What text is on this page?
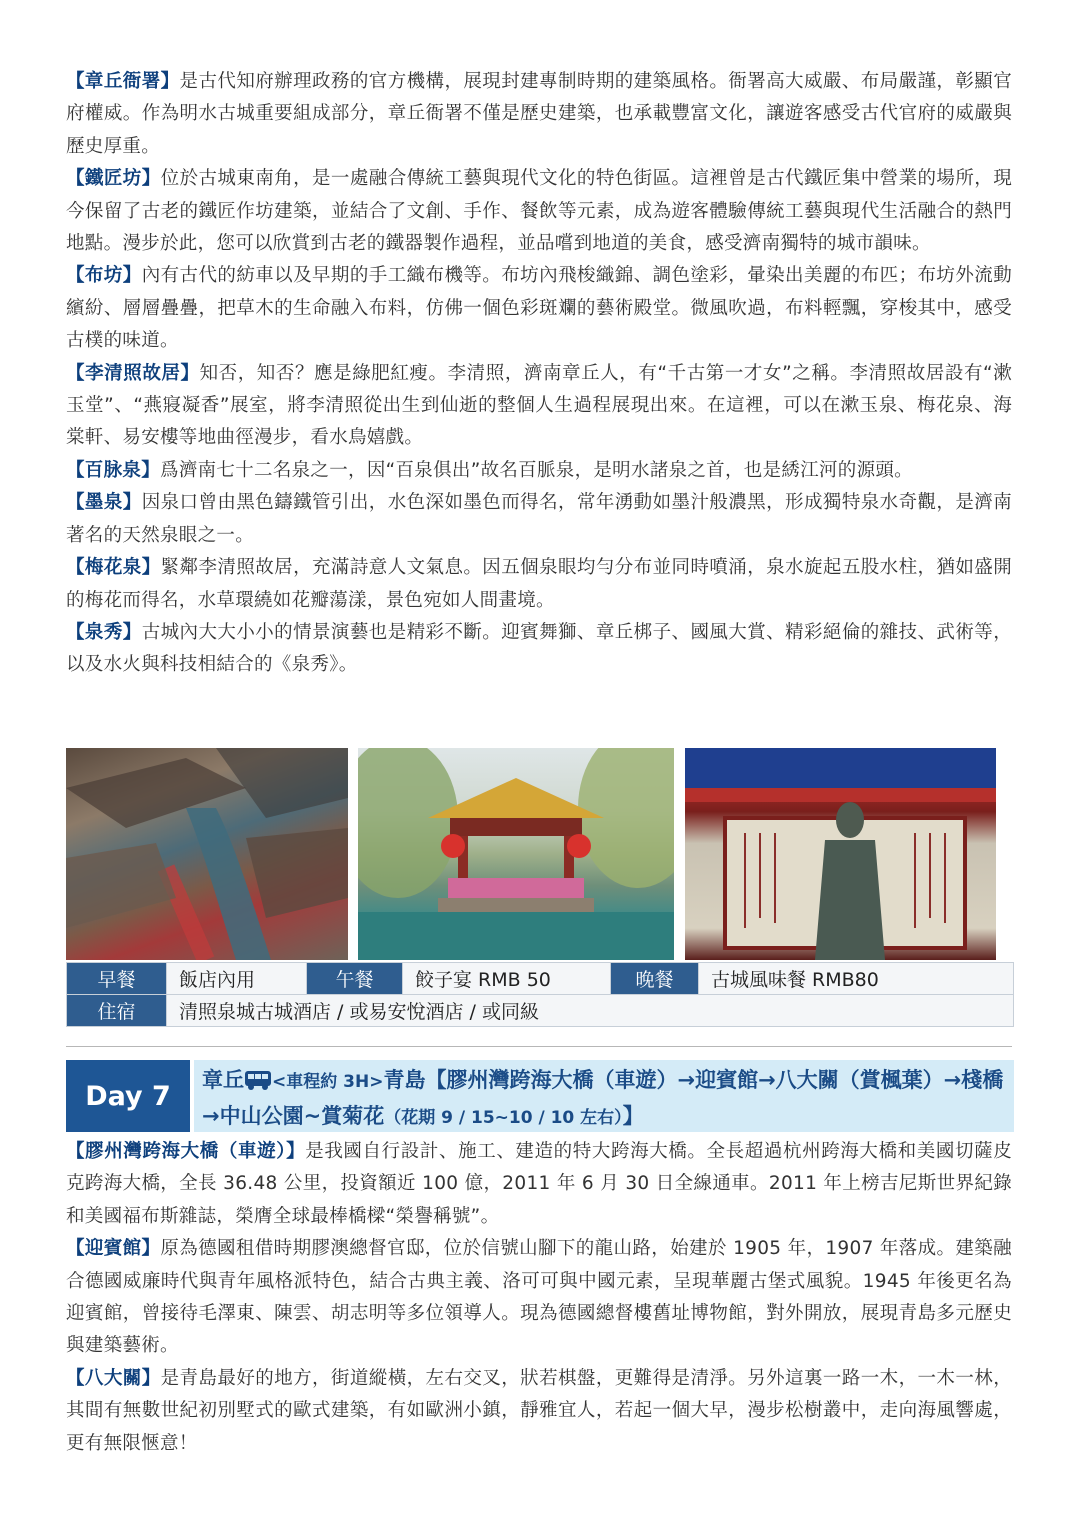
【章丘衙署】是古代知府辦理政務的官方機構，展現封建專制時期的建築風格。衙署高大威嚴、布局嚴謹，彰顯官府權威。作為明水古城重要組成部分，章丘衙署不僅是歷史建築，也承載豐富文化，讓遊客感受古代官府的威嚴與歷史厚重。

【鐵匠坊】位於古城東南角，是一處融合傳統工藝與現代文化的特色街區。這裡曾是古代鐵匠集中營業的場所，現今保留了古老的鐵匠作坊建築，並結合了文創、手作、餐飲等元素，成為遊客體驗傳統工藝與現代生活融合的熱門地點。漫步於此，您可以欣賞到古老的鐵器製作過程，並品嚐到地道的美食，感受濟南獨特的城市韻味。

【布坊】內有古代的紡車以及早期的手工織布機等。布坊內飛梭織錦、調色塗彩，暈染出美麗的布匹；布坊外流動繽紛、層層疊疊，把草木的生命融入布料，仿佛一個色彩斑斕的藝術殿堂。微風吹過，布料輕飄，穿梭其中，感受古樸的味道。

【李清照故居】知否，知否？應是綠肥紅瘦。李清照，濟南章丘人，有“千古第一才女”之稱。李清照故居設有“漱玉堂”、“燕寢凝香”展室，將李清照從出生到仙逝的整個人生過程展現出來。在這裡，可以在漱玉泉、梅花泉、海棠軒、易安樓等地曲徑漫步，看水鳥嬉戲。

【百脉泉】爲濟南七十二名泉之一，因“百泉俱出”故名百脈泉，是明水諸泉之首，也是綉江河的源頭。

【墨泉】因泉口曾由黑色鑄鐵管引出，水色深如墨色而得名，常年湧動如墨汁般濃黑，形成獨特泉水奇觀，是濟南著名的天然泉眼之一。

【梅花泉】緊鄰李清照故居，充滿詩意人文氣息。因五個泉眼均勻分布並同時噴涌，泉水旋起五股水柱，猶如盛開的梅花而得名，水草環繞如花瓣蕩漾，景色宛如人間畫境。

【泉秀】古城內大大小小的情景演藝也是精彩不斷。迎賓舞獅、章丘梆子、國風大賞、精彩絕倫的雜技、武術等，以及水火與科技相結合的《泉秀》。

早餐	飯店內用	午餐	餃子宴 RMB 50	晚餐	古城風味餐 RMB80
住宿	清照泉城古城酒店 / 或易安悅酒店 / 或同級				
Day 7
章丘 <車程約 3H>青島【膠州灣跨海大橋（車遊）→迎賓館→八大關（賞楓葉）→棧橋→中山公園~賞菊花（花期 9 / 15~10 / 10 左右）】

【膠州灣跨海大橋（車遊）】是我國自行設計、施工、建造的特大跨海大橋。全長超過杭州跨海大橋和美國切薩皮克跨海大橋，全長 36.48 公里，投資額近 100 億，2011 年 6 月 30 日全線通車。2011 年上榜吉尼斯世界紀錄和美國福布斯雜誌，榮膺全球最棒橋樑“榮譽稱號”。

【迎賓館】原為德國租借時期膠澳總督官邸，位於信號山腳下的龍山路，始建於 1905 年，1907 年落成。建築融合德國威廉時代與青年風格派特色，結合古典主義、洛可可與中國元素，呈現華麗古堡式風貌。1945 年後更名為迎賓館，曾接待毛澤東、陳雲、胡志明等多位領導人。現為德國總督樓舊址博物館，對外開放，展現青島多元歷史與建築藝術。

【八大關】是青島最好的地方，街道縱橫，左右交叉，狀若棋盤，更難得是清淨。另外這裏一路一木，一木一林，其間有無數世紀初別墅式的歐式建築，有如歐洲小鎮，靜雅宜人，若起一個大早，漫步松樹叢中，走向海風響處，更有無限愜意！
